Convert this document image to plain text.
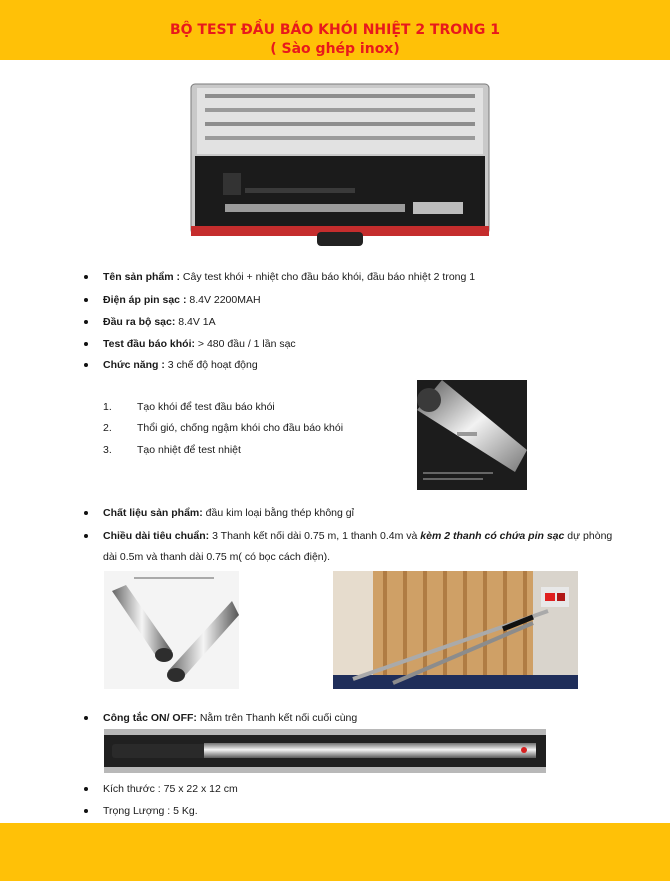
BỘ TEST ĐẦU BÁO KHÓI NHIỆT 2 TRONG 1
( Sào ghép inox)
Tên sản phẩm : Cây test khói + nhiệt cho đầu báo khói, đầu báo nhiệt 2 trong 1
Điện áp pin sạc : 8.4V 2200MAH
Đầu ra bộ sạc: 8.4V 1A
Test đầu báo khói: > 480 đầu / 1 lần sạc
Chức năng : 3 chế độ hoạt động
1. Tạo khói để test đầu báo khói
2. Thổi gió, chống ngậm khói cho đầu báo khói
3. Tạo nhiệt để test nhiệt
Chất liệu sản phẩm: đầu kim loại bằng thép không gỉ
Chiều dài tiêu chuẩn: 3 Thanh kết nối dài 0.75 m, 1 thanh 0.4m và kèm 2 thanh có chứa pin sạc dự phòng
dài 0.5m và thanh dài 0.75 m( có bọc cách điện).
Công tắc ON/ OFF: Nằm trên Thanh kết nối cuối cùng
Kích thước : 75 x 22 x 12 cm
Trọng Lượng : 5 Kg.
